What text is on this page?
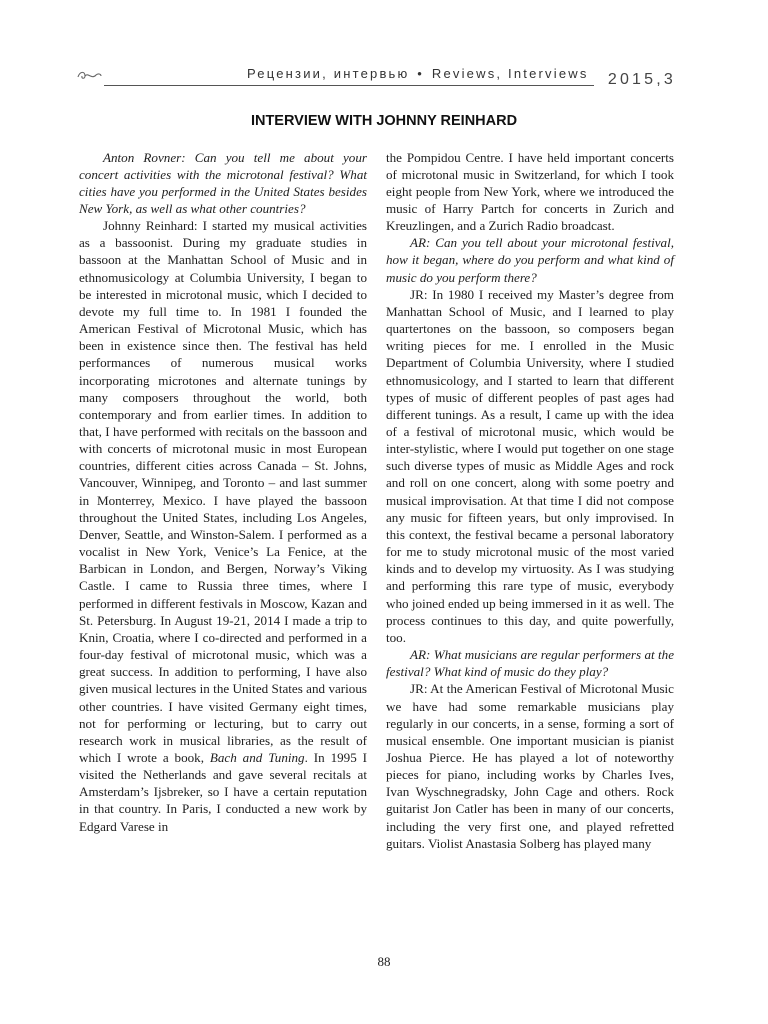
Рецензии, интервью • Reviews, Interviews 2015,3
INTERVIEW WITH JOHNNY REINHARD

Anton Rovner: Can you tell me about your concert activities with the microtonal festival? What cities have you performed in the United States besides New York, as well as what other countries?

Johnny Reinhard: I started my musical activities as a bassoonist. During my graduate studies in bassoon at the Manhattan School of Music and in ethnomusicology at Columbia University, I began to be interested in microtonal music, which I decided to devote my full time to. In 1981 I founded the American Festival of Microtonal Music, which has been in existence since then. The festival has held performances of numerous musical works incorporating microtones and alternate tunings by many composers throughout the world, both contemporary and from earlier times. In addition to that, I have performed with recitals on the bassoon and with concerts of microtonal music in most European countries, different cities across Canada – St. Johns, Vancouver, Winnipeg, and Toronto – and last summer in Monterrey, Mexico. I have played the bassoon throughout the United States, including Los Angeles, Denver, Seattle, and Winston-Salem. I performed as a vocalist in New York, Venice’s La Fenice, at the Barbican in London, and Bergen, Norway’s Viking Castle. I came to Russia three times, where I performed in different festivals in Moscow, Kazan and St. Petersburg. In August 19-21, 2014 I made a trip to Knin, Croatia, where I co-directed and performed in a four-day festival of microtonal music, which was a great success. In addition to performing, I have also given musical lectures in the United States and various other countries. I have visited Germany eight times, not for performing or lecturing, but to carry out research work in musical libraries, as the result of which I wrote a book, Bach and Tuning. In 1995 I visited the Netherlands and gave several recitals at Amsterdam’s Ijsbreker, so I have a certain reputation in that country. In Paris, I conducted a new work by Edgard Varese in

the Pompidou Centre. I have held important concerts of microtonal music in Switzerland, for which I took eight people from New York, where we introduced the music of Harry Partch for concerts in Zurich and Kreuzlingen, and a Zurich Radio broadcast.

AR: Can you tell about your microtonal festival, how it began, where do you perform and what kind of music do you perform there?

JR: In 1980 I received my Master’s degree from Manhattan School of Music, and I learned to play quartertones on the bassoon, so composers began writing pieces for me. I enrolled in the Music Department of Columbia University, where I studied ethnomusicology, and I started to learn that different types of music of different peoples of past ages had different tunings. As a result, I came up with the idea of a festival of microtonal music, which would be inter-stylistic, where I would put together on one stage such diverse types of music as Middle Ages and rock and roll on one concert, along with some poetry and musical improvisation. At that time I did not compose any music for fifteen years, but only improvised. In this context, the festival became a personal laboratory for me to study microtonal music of the most varied kinds and to develop my virtuosity. As I was studying and performing this rare type of music, everybody who joined ended up being immersed in it as well. The process continues to this day, and quite powerfully, too.

AR: What musicians are regular performers at the festival? What kind of music do they play?

JR: At the American Festival of Microtonal Music we have had some remarkable musicians play regularly in our concerts, in a sense, forming a sort of musical ensemble. One important musician is pianist Joshua Pierce. He has played a lot of noteworthy pieces for piano, including works by Charles Ives, Ivan Wyschnegradsky, John Cage and others. Rock guitarist Jon Catler has been in many of our concerts, including the very first one, and played refretted guitars. Violist Anastasia Solberg has played many

88
